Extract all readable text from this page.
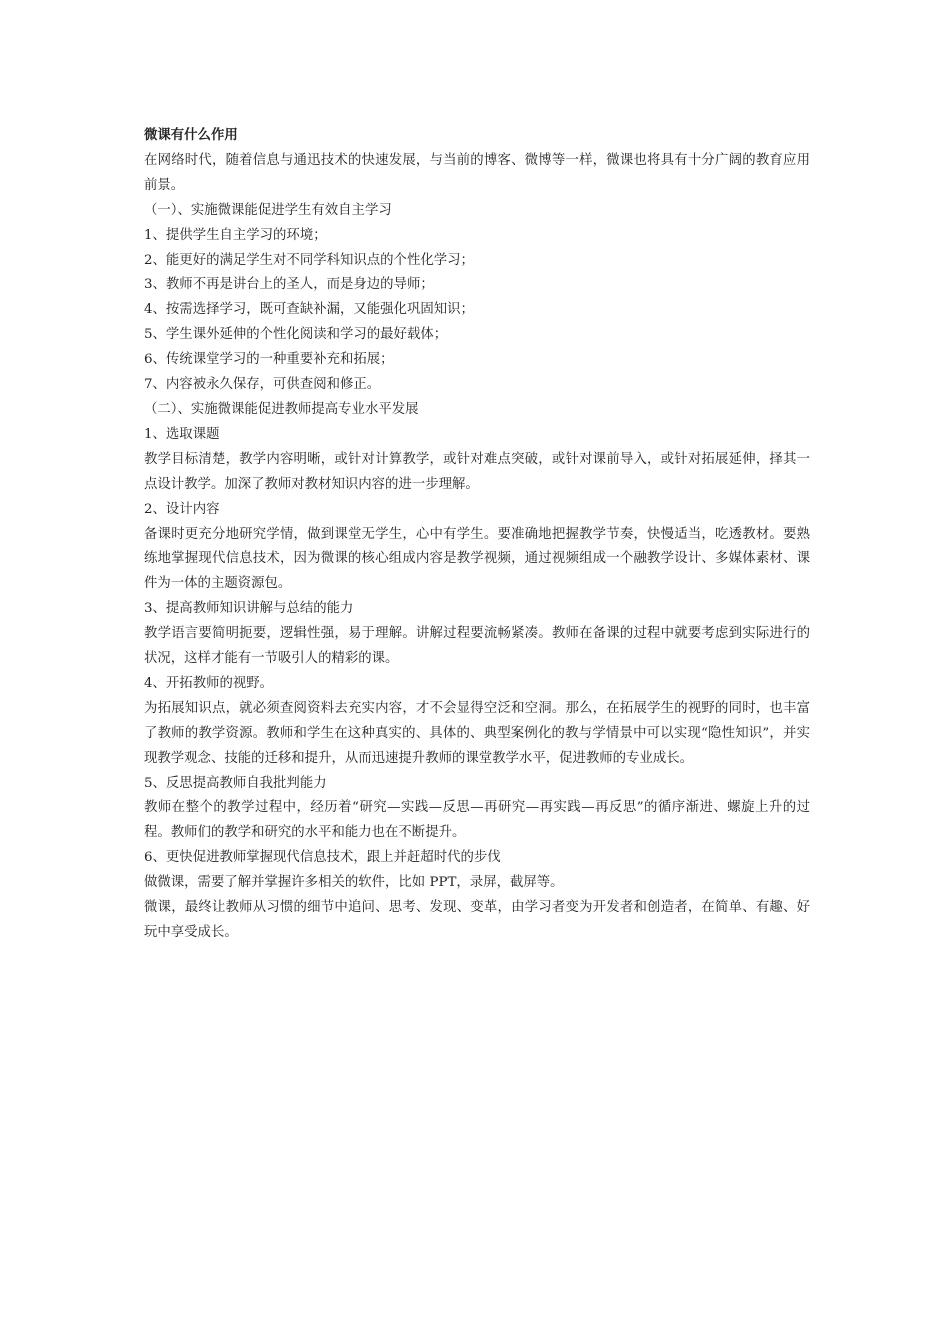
微课有什么作用

在网络时代，随着信息与通迅技术的快速发展，与当前的博客、微博等一样，微课也将具有十分广阔的教育应用前景。

（一）、实施微课能促进学生有效自主学习

1、提供学生自主学习的环境；

2、能更好的满足学生对不同学科知识点的个性化学习；

3、教师不再是讲台上的圣人，而是身边的导师；

4、按需选择学习，既可查缺补漏，又能强化巩固知识；

5、学生课外延伸的个性化阅读和学习的最好载体；

6、传统课堂学习的一种重要补充和拓展；

7、内容被永久保存，可供查阅和修正。

（二）、实施微课能促进教师提高专业水平发展

1、选取课题

教学目标清楚，教学内容明晰，或针对计算教学，或针对难点突破，或针对课前导入，或针对拓展延伸，择其一点设计教学。加深了教师对教材知识内容的进一步理解。

2、设计内容

备课时更充分地研究学情，做到课堂无学生，心中有学生。要准确地把握教学节奏，快慢适当，吃透教材。要熟练地掌握现代信息技术，因为微课的核心组成内容是教学视频，通过视频组成一个融教学设计、多媒体素材、课件为一体的主题资源包。

3、提高教师知识讲解与总结的能力

教学语言要简明扼要，逻辑性强，易于理解。讲解过程要流畅紧凑。教师在备课的过程中就要考虑到实际进行的状况，这样才能有一节吸引人的精彩的课。

4、开拓教师的视野。

为拓展知识点，就必须查阅资料去充实内容，才不会显得空泛和空洞。那么，在拓展学生的视野的同时，也丰富了教师的教学资源。教师和学生在这种真实的、具体的、典型案例化的教与学情景中可以实现“隐性知识”，并实现教学观念、技能的迁移和提升，从而迅速提升教师的课堂教学水平，促进教师的专业成长。

5、反思提高教师自我批判能力

教师在整个的教学过程中，经历着“研究—实践—反思—再研究—再实践—再反思”的循序渐进、螺旋上升的过程。教师们的教学和研究的水平和能力也在不断提升。

6、更快促进教师掌握现代信息技术，跟上并赶超时代的步伐

做微课，需要了解并掌握许多相关的软件，比如 PPT，录屏，截屏等。

微课，最终让教师从习惯的细节中追问、思考、发现、变革，由学习者变为开发者和创造者，在简单、有趣、好玩中享受成长。
